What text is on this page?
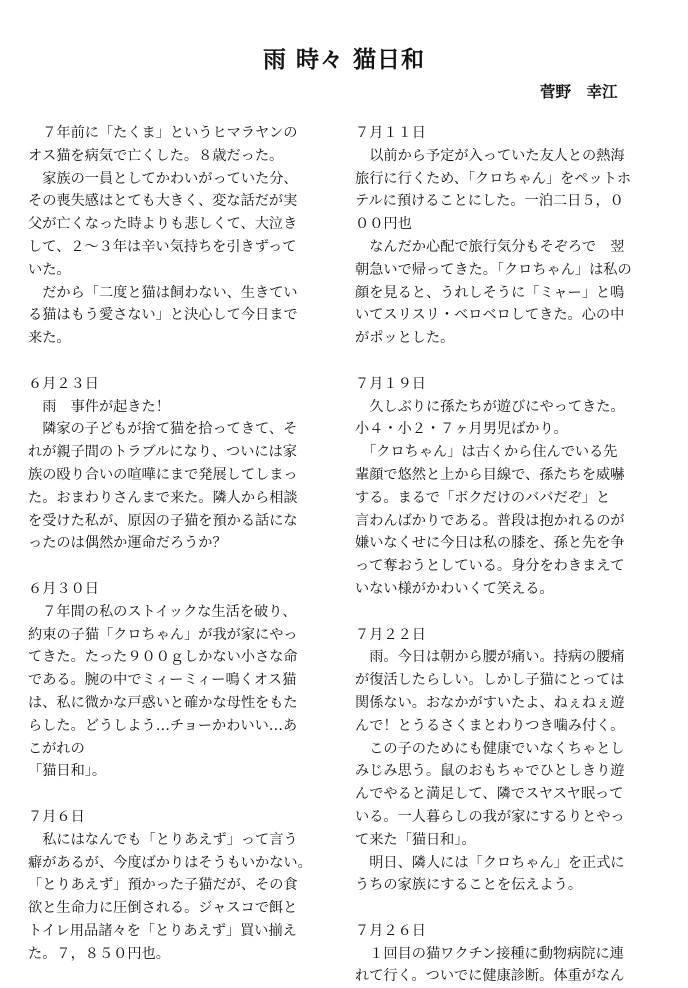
雨 時々 猫日和
菅野　幸江
　７年前に「たくま」というヒマラヤンの
オス猫を病気で亡くした。８歳だった。
　家族の一員としてかわいがっていた分、
その喪失感はとても大きく、変な話だが実
父が亡くなった時よりも悲しくて、大泣き
して、２～３年は辛い気持ちを引きずって
いた。
　だから「二度と猫は飼わない、生きてい
る猫はもう愛さない」と決心して今日まで
来た。
６月２３日
　雨　事件が起きた！
　隣家の子どもが捨て猫を拾ってきて、そ
れが親子間のトラブルになり、ついには家
族の殴り合いの喧嘩にまで発展してしまっ
た。おまわりさんまで来た。隣人から相談
を受けた私が、原因の子猫を預かる話にな
ったのは偶然か運命だろうか？
６月３０日
　７年間の私のストイックな生活を破り、
約束の子猫「クロちゃん」が我が家にやっ
てきた。たった９００ｇしかない小さな命
である。腕の中でミィーミィー鳴くオス猫
は、私に微かな戸惑いと確かな母性をもた
らした。どうしよう…チョーかわいい…あ
こがれの
「猫日和」。
７月６日
　私にはなんでも「とりあえず」って言う
癖があるが、今度ばかりはそうもいかない。
「とりあえず」預かった子猫だが、その食
欲と生命力に圧倒される。ジャスコで餌と
トイレ用品諸々を「とりあえず」買い揃え
た。７，８５０円也。
７月１１日
　以前から予定が入っていた友人との熱海
旅行に行くため、「クロちゃん」をペットホ
テルに預けることにした。一泊二日５，０
００円也
　なんだか心配で旅行気分もそぞろで　翌
朝急いで帰ってきた。「クロちゃん」は私の
顔を見ると、うれしそうに「ミャー」と鳴
いてスリスリ・ベロベロしてきた。心の中
がポッとした。
７月１９日
　久しぶりに孫たちが遊びにやってきた。
小４・小２・７ヶ月男児ばかり。
　「クロちゃん」は古くから住んでいる先
輩顔で悠然と上から目線で、孫たちを威嚇
する。まるで「ボクだけのババだぞ」と
言わんばかりである。普段は抱かれるのが
嫌いなくせに今日は私の膝を、孫と先を争
って奪おうとしている。身分をわきまえて
いない様がかわいくて笑える。
７月２２日
　雨。今日は朝から腰が痛い。持病の腰痛
が復活したらしい。しかし子猫にとっては
関係ない。おなかがすいたよ、ねぇねぇ遊
んで！とうるさくまとわりつき噛み付く。
　この子のためにも健康でいなくちゃとし
みじみ思う。鼠のおもちゃでひとしきり遊
んでやると満足して、隣でスヤスヤ眠って
いる。一人暮らしの我が家にするりとやっ
て来た「猫日和」。
　明日、隣人には「クロちゃん」を正式に
うちの家族にすることを伝えよう。
７月２６日
　１回目の猫ワクチン接種に動物病院に連
れて行く。ついでに健康診断。体重がなん
